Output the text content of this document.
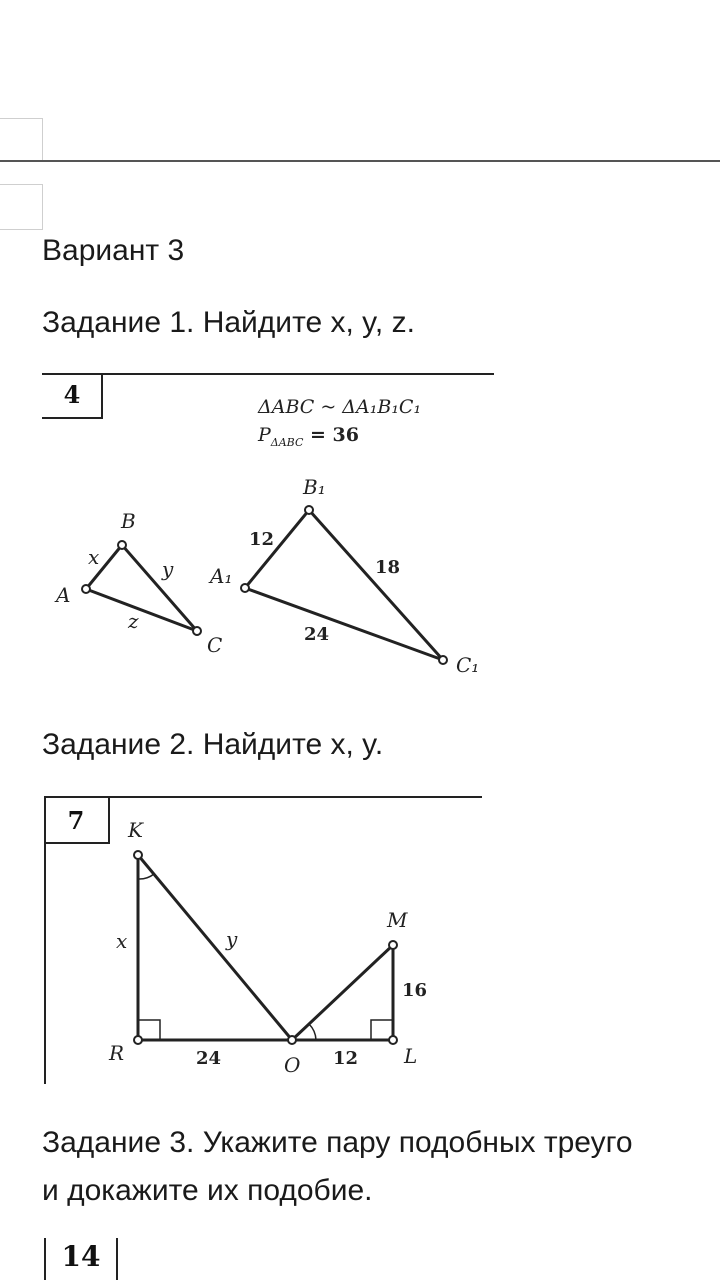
Вариант 3
Задание 1. Найдите x, y, z.
4	ΔABC ~ ΔA₁B₁C₁
$P_{\Delta ABC} = 36$
A
B
C
x	y
z
A₁
B₁
C₁
12
18
24
Задание 2. Найдите x, y.
7	K
R	O
M
L
x	y
24	12
16
Задание 3. Укажите пару подобных треуго
и докажите их подобие.
14
